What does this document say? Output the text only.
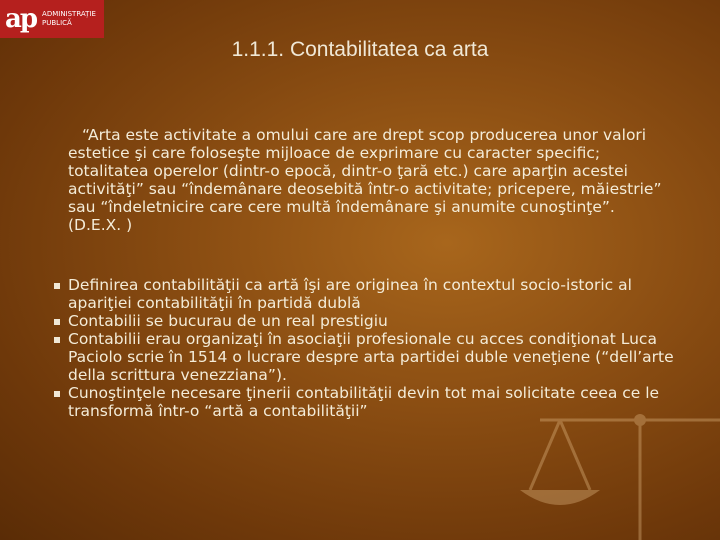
ap ADMINISTRAȚIE
PUBLICĂ
1.1.1. Contabilitatea ca arta

“Arta este activitate a omului care are drept scop producerea unor valori estetice şi care foloseşte mijloace de exprimare cu caracter specific; totalitatea operelor (dintr-o epocă, dintr-o ţară etc.) care aparţin acestei activităţi” sau “îndemânare deosebită într-o activitate; pricepere, măiestrie” sau “îndeletnicire care cere multă îndemânare şi anumite cunoştinţe”. (D.E.X. )

Definirea contabilităţii ca artă îşi are originea în contextul socio-istoric al apariţiei contabilităţii în partidă dublă
Contabilii se bucurau de un real prestigiu
Contabilii erau organizaţi în asociaţii profesionale cu acces condiţionat Luca Paciolo scrie în 1514 o lucrare despre arta partidei duble veneţiene (“dell’arte della scrittura venezziana”).
Cunoştinţele necesare ţinerii contabilităţii devin tot mai solicitate ceea ce le transformă într-o “artă a contabilităţii”
